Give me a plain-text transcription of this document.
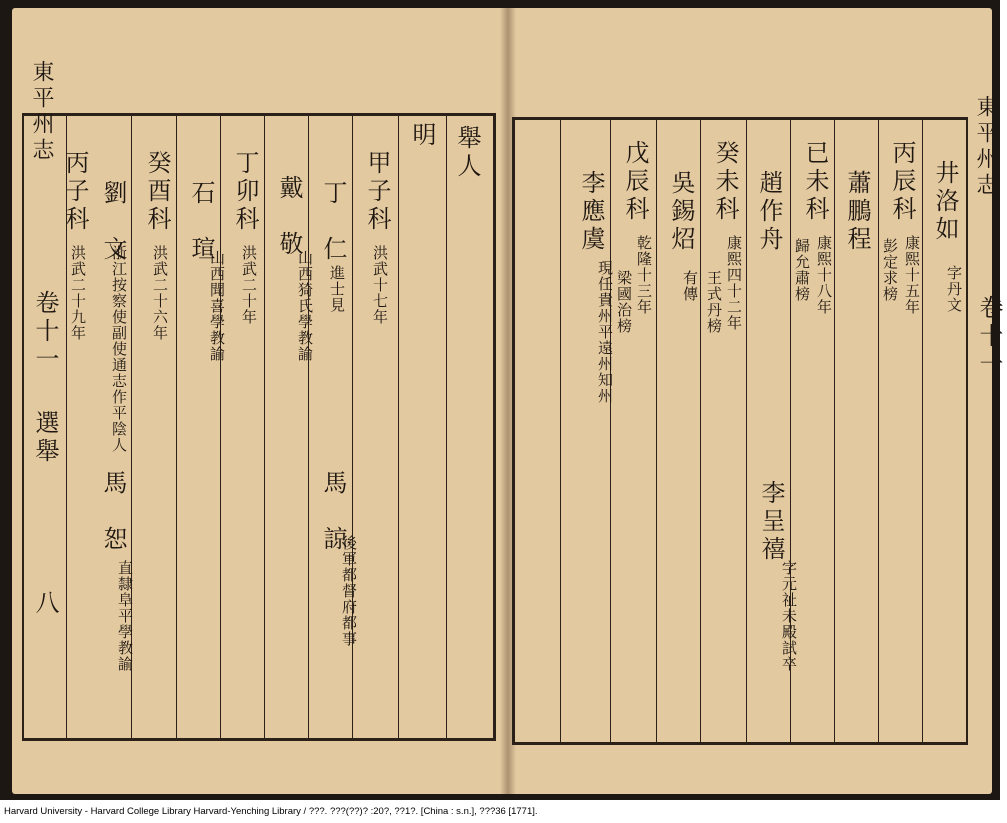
東平州志
卷十一
選舉
八
舉人
明
甲子科
洪武十七年
丁　仁
進士見
馬　諒
後軍都督府都事
丁卯科
洪武二十年
戴　敬
山西猗氏學教諭
癸酉科
洪武二十六年
石　瑄
山西聞喜學教諭
丙子科
洪武二十九年
劉　文
浙江按察使副使通志作平陰人
馬　恕
直隸阜平學教諭
東平州志
卷十一
井洛如
字丹文
丙辰科
康熙十五年
蕭鵬程
彭定求榜
已未科
康熙十八年
趙作舟
歸允肅榜
癸未科
康熙四十二年
吳錫炤
王式丹榜
有傳
李呈禧
字元祉未殿試卒
戊辰科
乾隆十三年
李應虞
梁國治榜
現任貴州平遠州知州
Harvard University - Harvard College Library Harvard-Yenching Library / ???. ???(??)? :20?, ??1?. [China : s.n.], ???36 [1771].
